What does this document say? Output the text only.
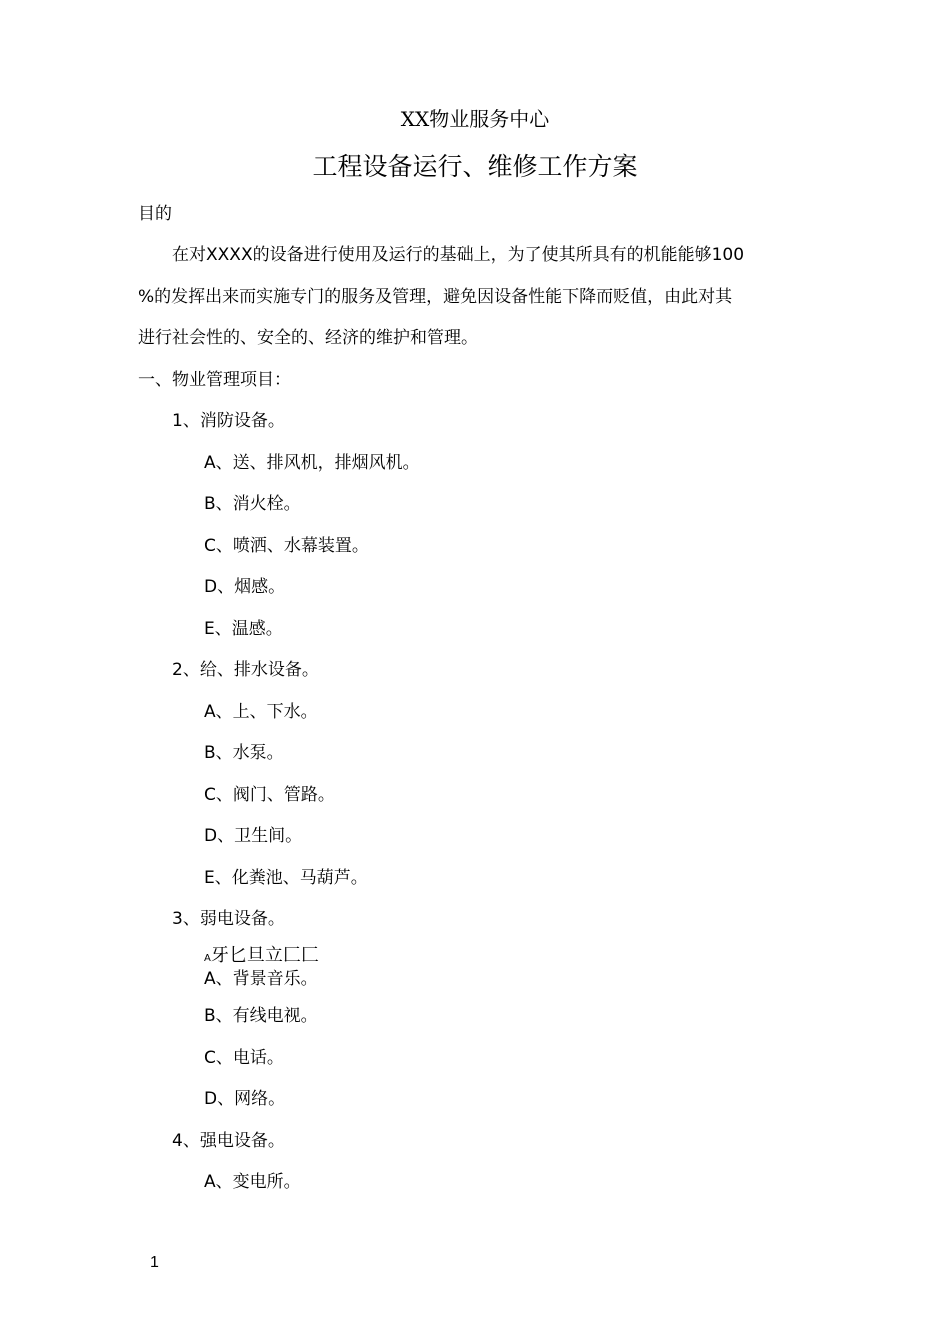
XX物业服务中心
工程设备运行、维修工作方案
目的
在对XXXX的设备进行使用及运行的基础上，为了使其所具有的机能能够100
%的发挥出来而实施专门的服务及管理，避免因设备性能下降而贬值，由此对其
进行社会性的、安全的、经济的维护和管理。
一、物业管理项目：
1、消防设备。
A、送、排风机，排烟风机。
B、消火栓。
C、喷洒、水幕装置。
D、烟感。
E、温感。
2、给、排水设备。
A、上、下水。
B、水泵。
C、阀门、管路。
D、卫生间。
E、化粪池、马葫芦。
3、弱电设备。
A牙匕旦立匚匚
A、背景音乐。
B、有线电视。
C、电话。
D、网络。
4、强电设备。
A、变电所。
1
